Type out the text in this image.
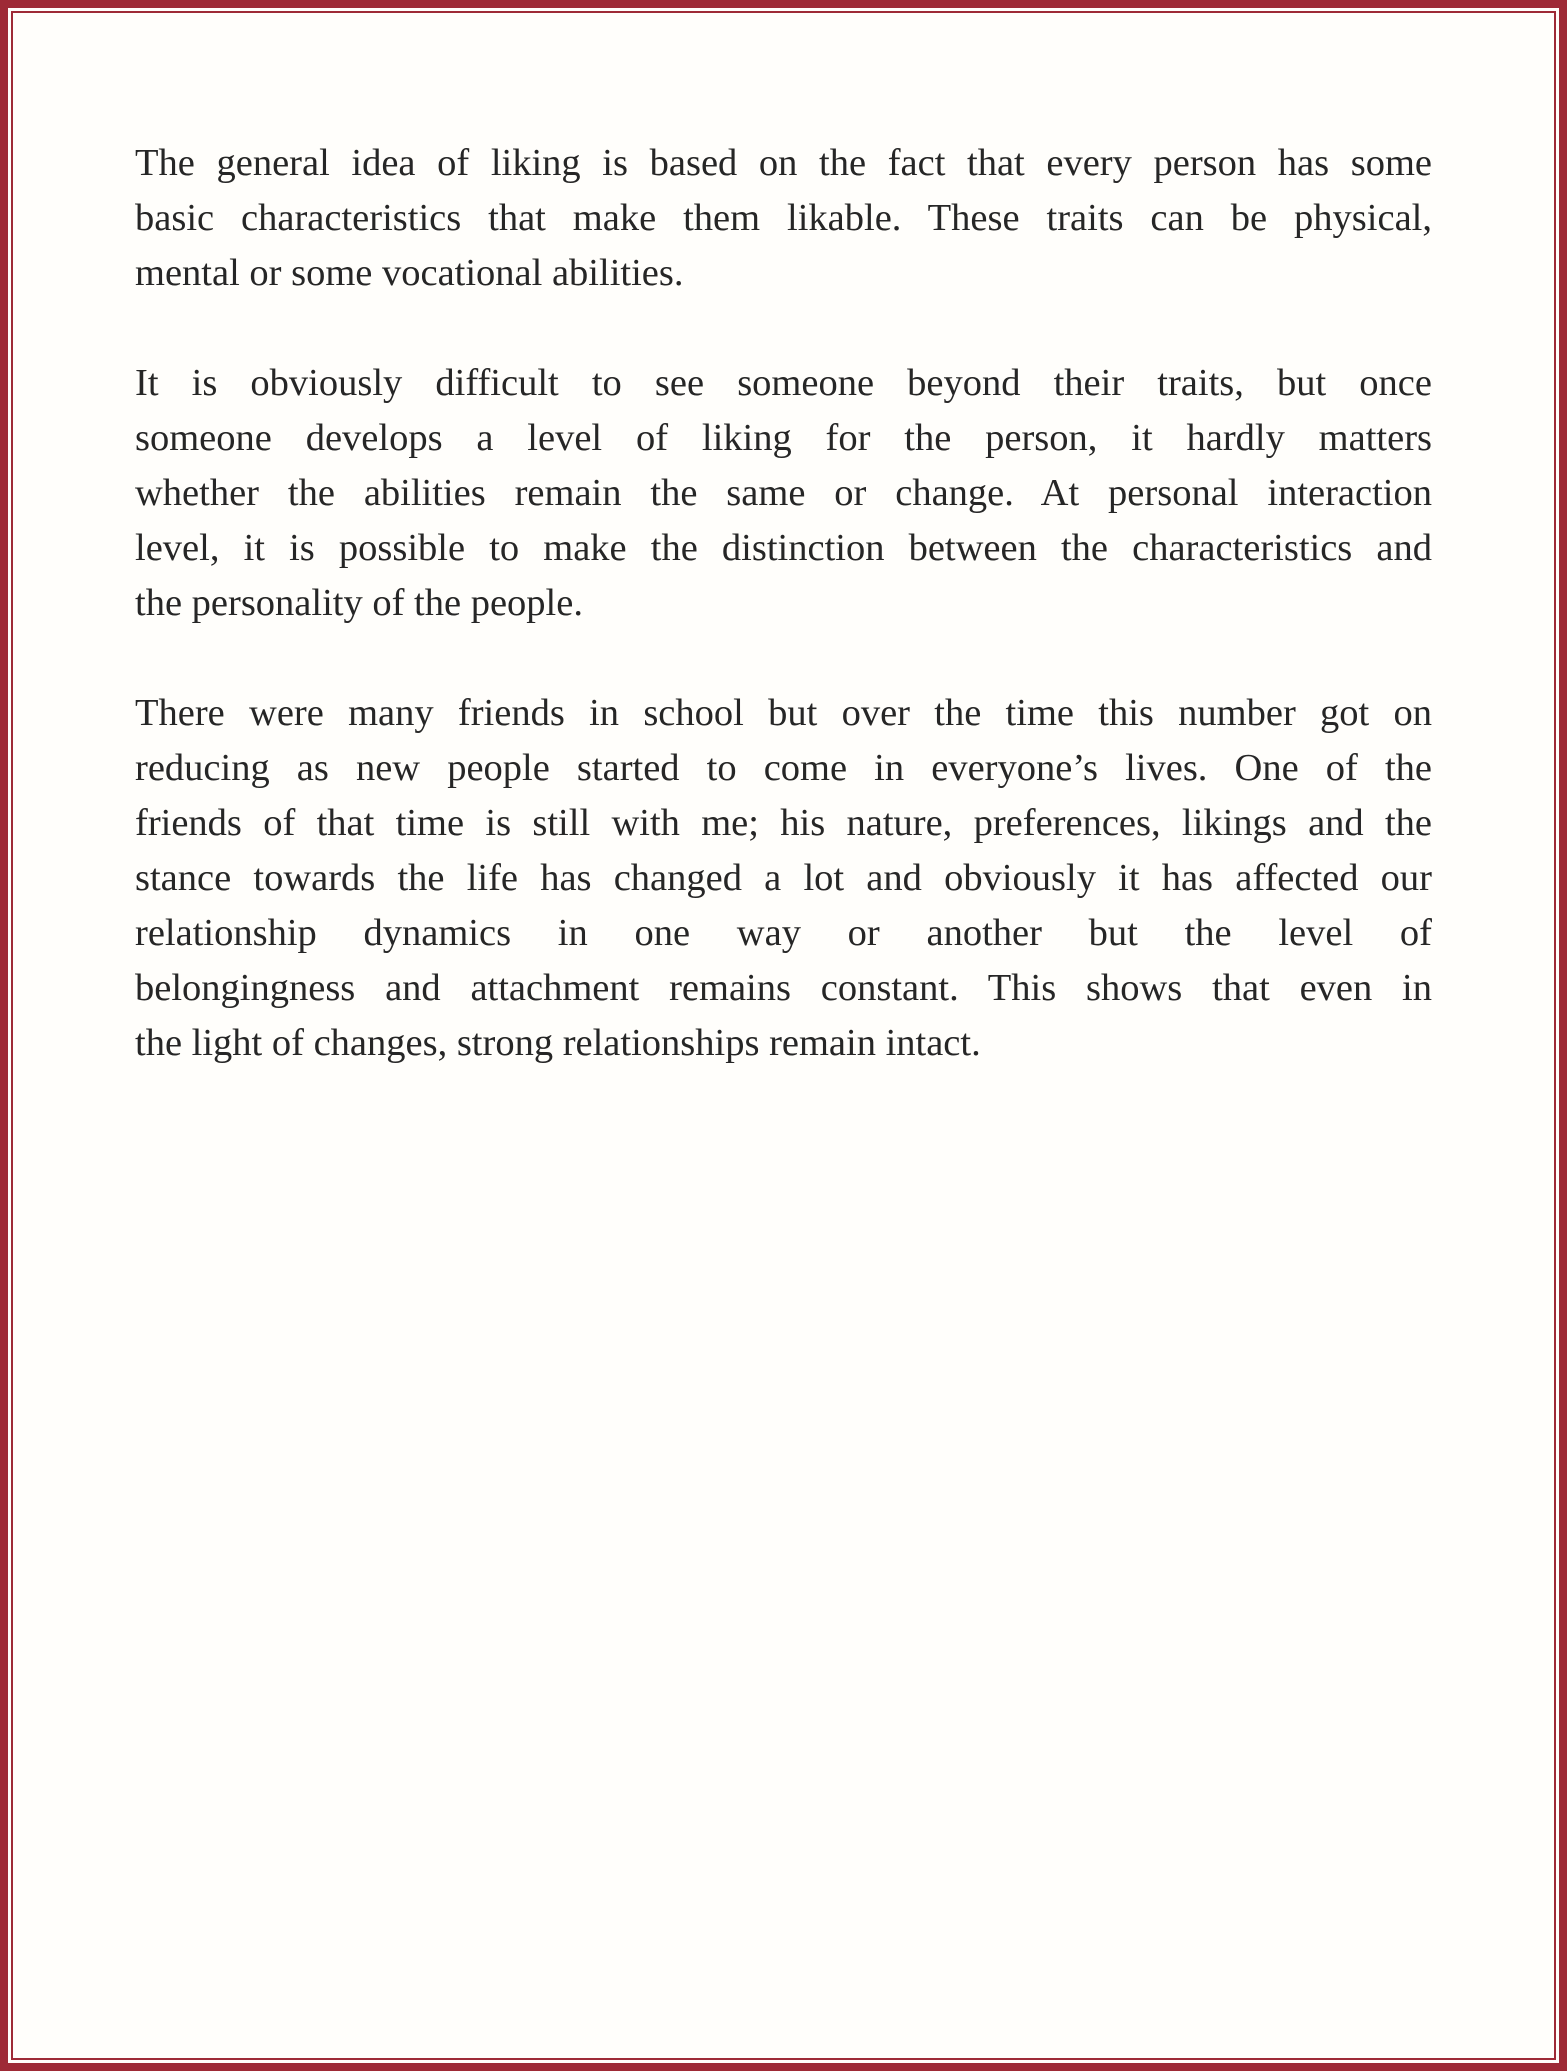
The general idea of liking is based on the fact that every person has some
basic characteristics that make them likable. These traits can be physical,
mental or some vocational abilities.
It is obviously difficult to see someone beyond their traits, but once
someone develops a level of liking for the person, it hardly matters
whether the abilities remain the same or change. At personal interaction
level, it is possible to make the distinction between the characteristics and
the personality of the people.
There were many friends in school but over the time this number got on
reducing as new people started to come in everyone’s lives. One of the
friends of that time is still with me; his nature, preferences, likings and the
stance towards the life has changed a lot and obviously it has affected our
relationship dynamics in one way or another but the level of
belongingness and attachment remains constant. This shows that even in
the light of changes, strong relationships remain intact.
